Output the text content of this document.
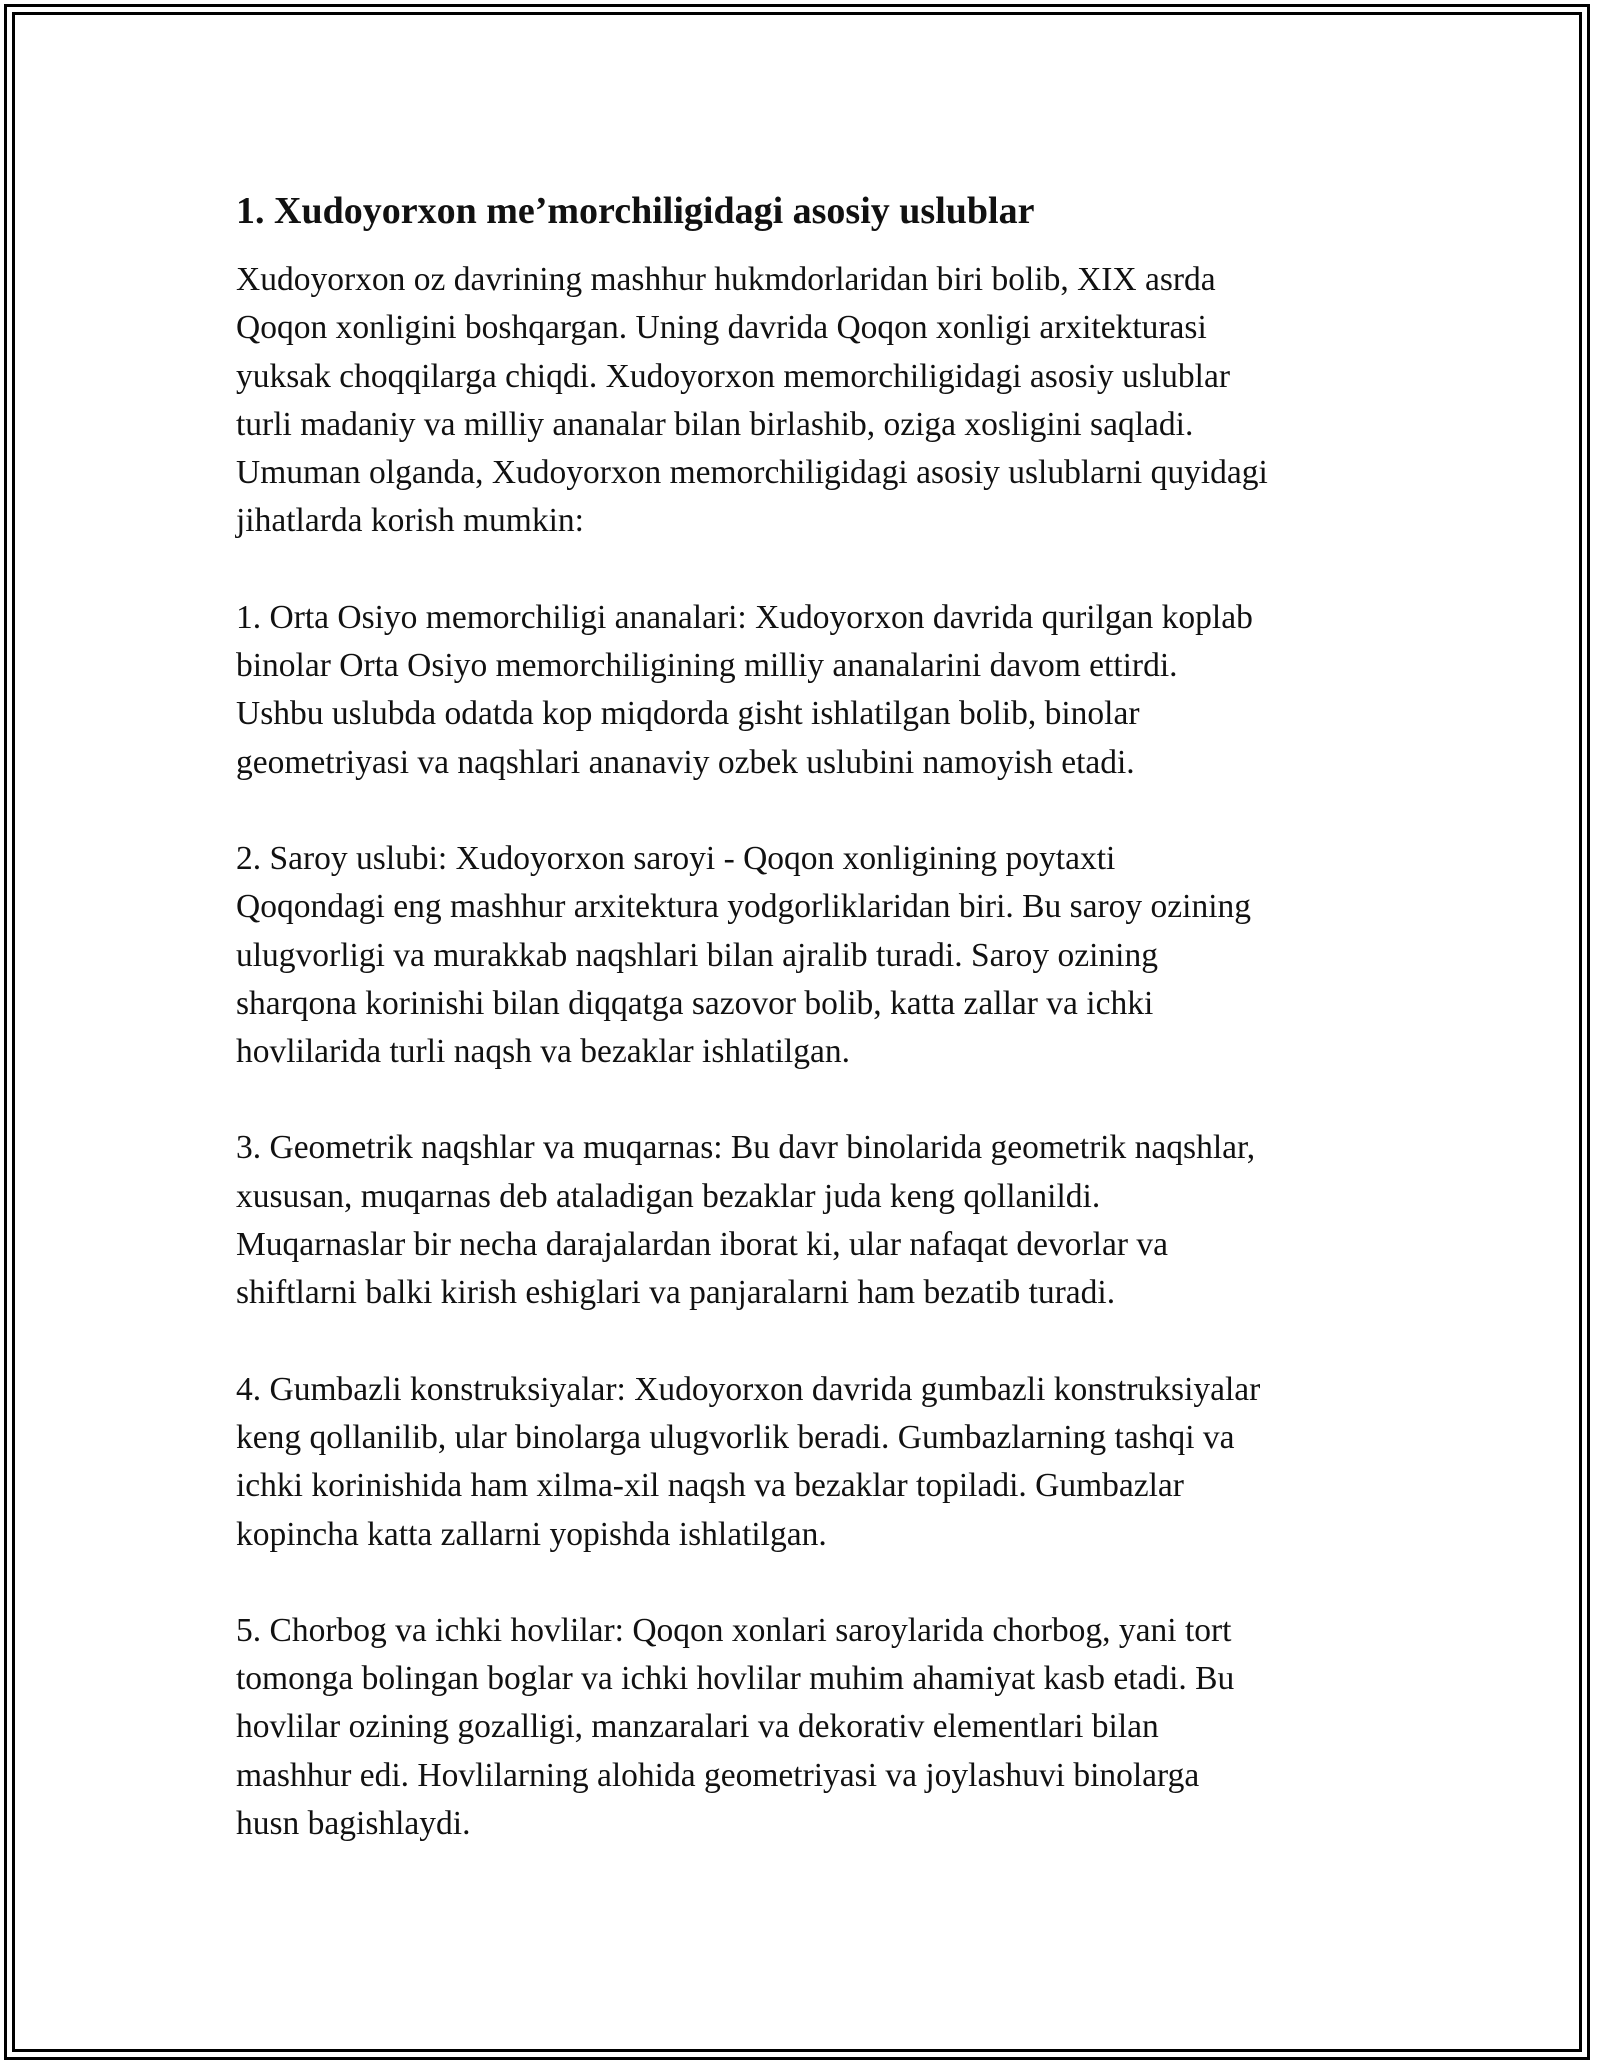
1. Xudoyorxon me’morchiligidagi asosiy uslublar
Xudoyorxon oz davrining mashhur hukmdorlaridan biri bolib, XIX asrda
Qoqon xonligini boshqargan. Uning davrida Qoqon xonligi arxitekturasi
yuksak choqqilarga chiqdi. Xudoyorxon memorchiligidagi asosiy uslublar
turli madaniy va milliy ananalar bilan birlashib, oziga xosligini saqladi.
Umuman olganda, Xudoyorxon memorchiligidagi asosiy uslublarni quyidagi
jihatlarda korish mumkin:
1. Orta Osiyo memorchiligi ananalari: Xudoyorxon davrida qurilgan koplab
binolar Orta Osiyo memorchiligining milliy ananalarini davom ettirdi.
Ushbu uslubda odatda kop miqdorda gisht ishlatilgan bolib, binolar
geometriyasi va naqshlari ananaviy ozbek uslubini namoyish etadi.
2. Saroy uslubi: Xudoyorxon saroyi - Qoqon xonligining poytaxti
Qoqondagi eng mashhur arxitektura yodgorliklaridan biri. Bu saroy ozining
ulugvorligi va murakkab naqshlari bilan ajralib turadi. Saroy ozining
sharqona korinishi bilan diqqatga sazovor bolib, katta zallar va ichki
hovlilarida turli naqsh va bezaklar ishlatilgan.
3. Geometrik naqshlar va muqarnas: Bu davr binolarida geometrik naqshlar,
xususan, muqarnas deb ataladigan bezaklar juda keng qollanildi.
Muqarnaslar bir necha darajalardan iborat ki, ular nafaqat devorlar va
shiftlarni balki kirish eshiglari va panjaralarni ham bezatib turadi.
4. Gumbazli konstruksiyalar: Xudoyorxon davrida gumbazli konstruksiyalar
keng qollanilib, ular binolarga ulugvorlik beradi. Gumbazlarning tashqi va
ichki korinishida ham xilma-xil naqsh va bezaklar topiladi. Gumbazlar
kopincha katta zallarni yopishda ishlatilgan.
5. Chorbog va ichki hovlilar: Qoqon xonlari saroylarida chorbog, yani tort
tomonga bolingan boglar va ichki hovlilar muhim ahamiyat kasb etadi. Bu
hovlilar ozining gozalligi, manzaralari va dekorativ elementlari bilan
mashhur edi. Hovlilarning alohida geometriyasi va joylashuvi binolarga
husn bagishlaydi.
